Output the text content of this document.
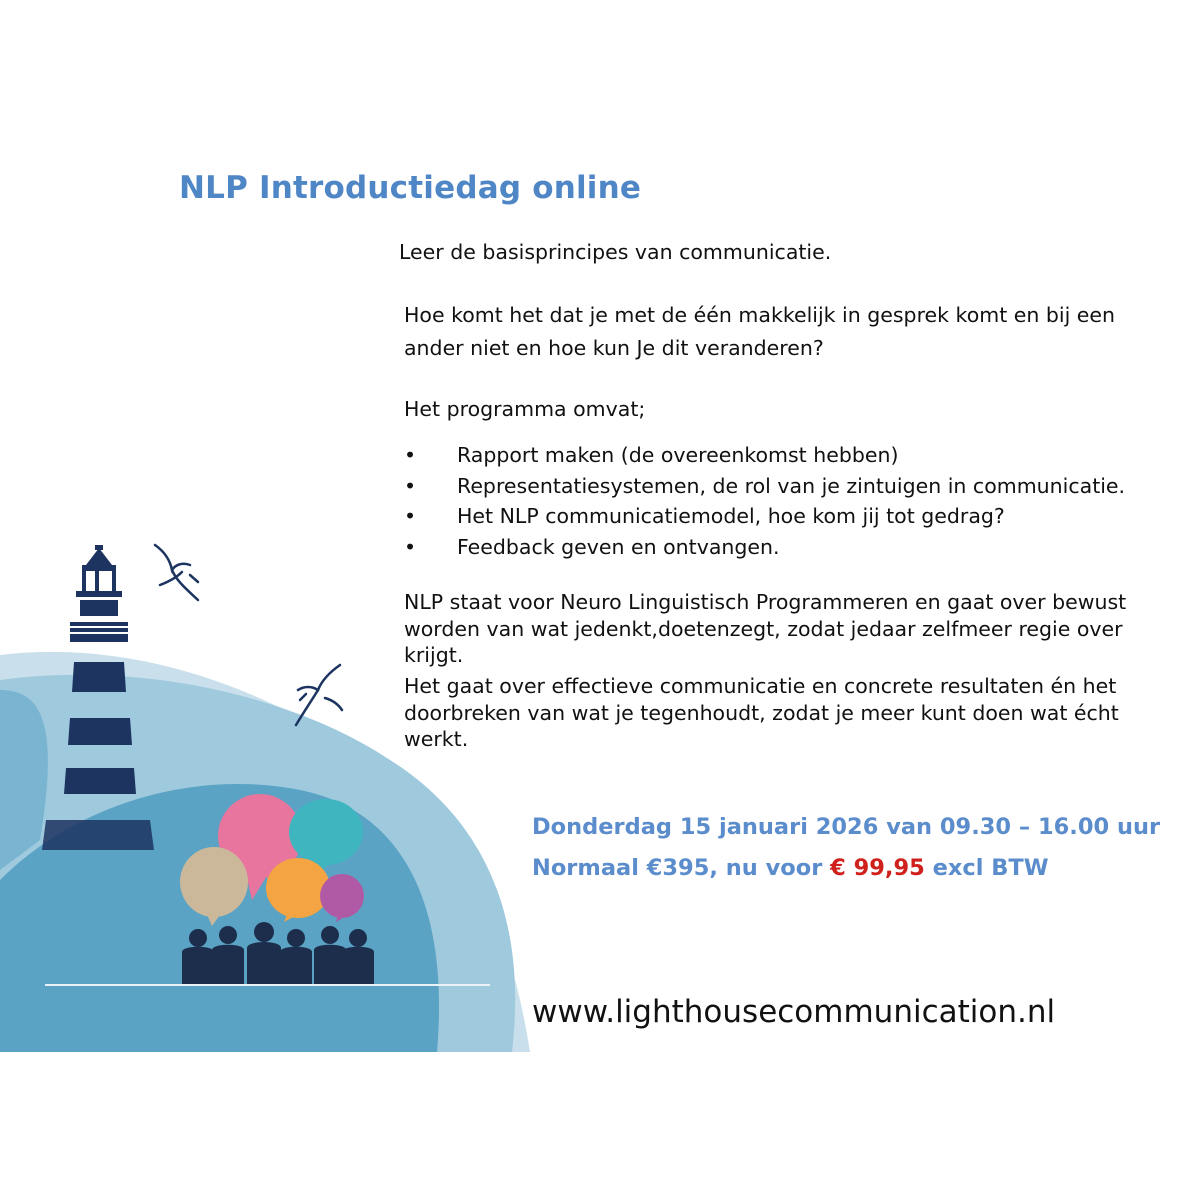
NLP Introductiedag online
Leer de basisprincipes van communicatie.
Hoe komt het dat je met de één makkelijk in gesprek komt en bij een
ander niet en hoe kun Je dit veranderen?
Het programma omvat;
• Rapport maken (de overeenkomst hebben)
• Representatiesystemen, de rol van je zintuigen in communicatie.
• Het NLP communicatiemodel, hoe kom jij tot gedrag?
• Feedback geven en ontvangen.
NLP staat voor Neuro Linguistisch Programmeren en gaat over bewust
worden van wat jedenkt,doetenzegt, zodat jedaar zelfmeer regie over
krijgt.
Het gaat over effectieve communicatie en concrete resultaten én het
doorbreken van wat je tegenhoudt, zodat je meer kunt doen wat écht
werkt.
Donderdag 15 januari 2026 van 09.30 – 16.00 uur
Normaal €395, nu voor € 99,95 excl BTW
www.lighthousecommunication.nl
